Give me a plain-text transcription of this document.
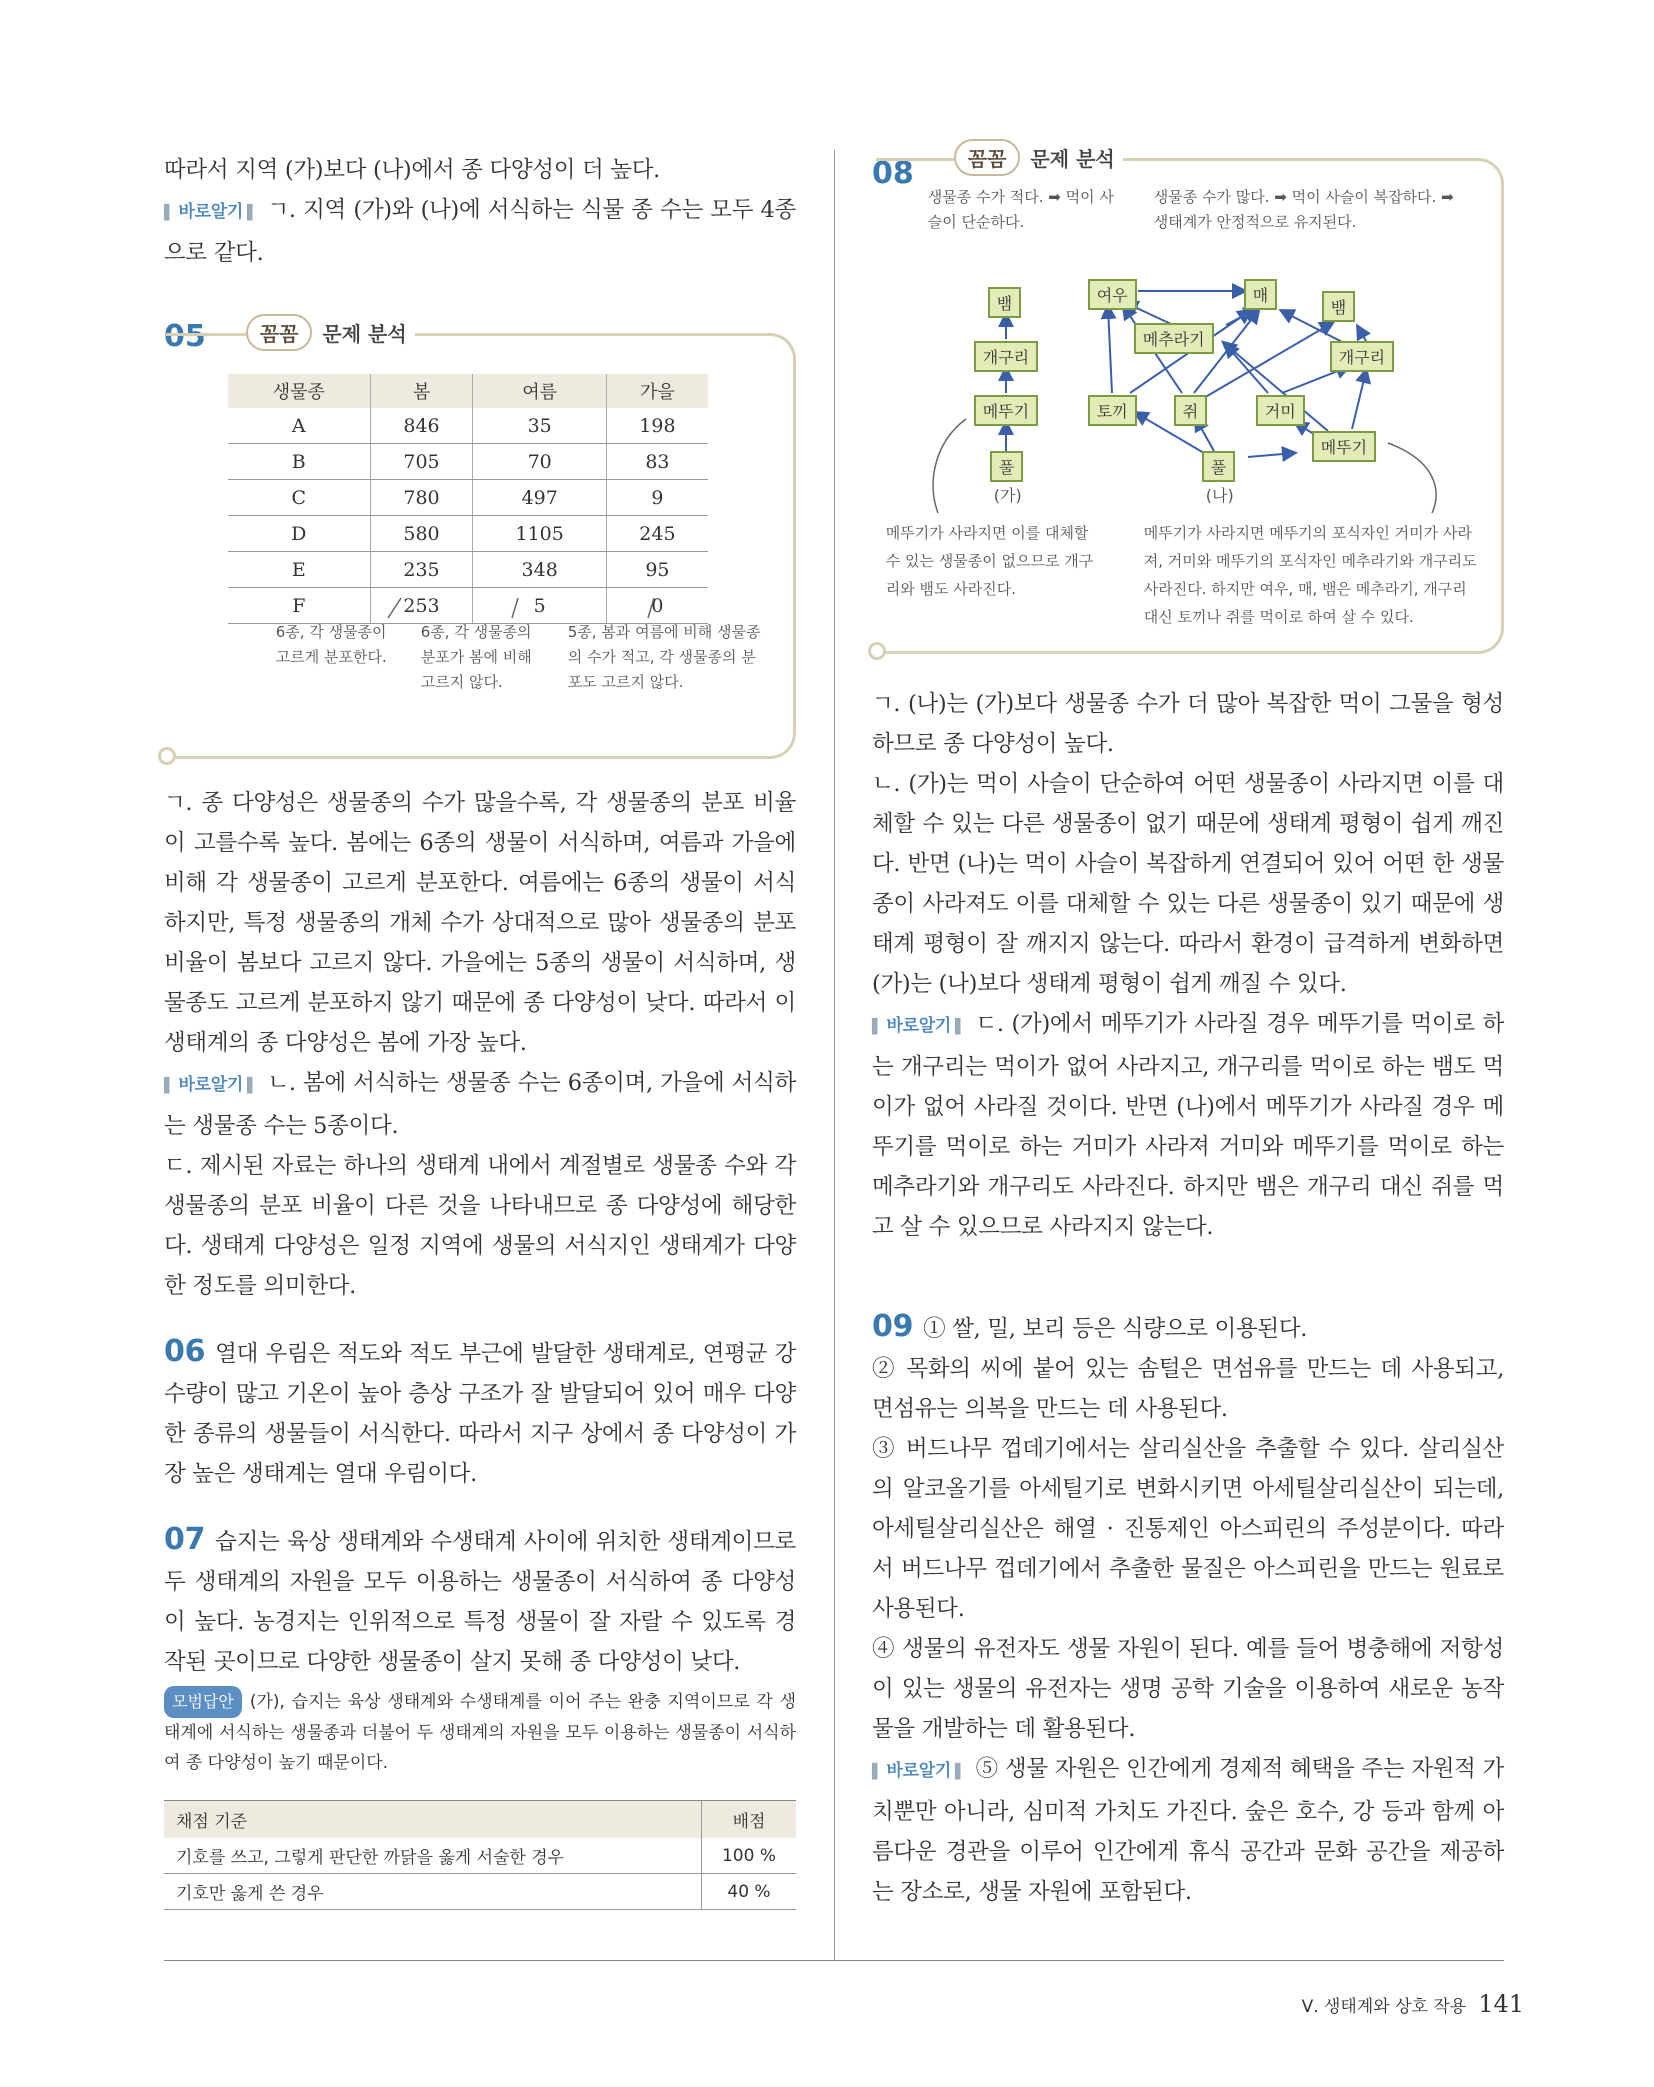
따라서 지역 (가)보다 (나)에서 종 다양성이 더 높다.

▌ 바로알기 ▌ ㄱ. 지역 (가)와 (나)에 서식하는 식물 종 수는 모두 4종으로 같다.

05	꼼꼼	문제 분석
생물종	봄	여름	가을
A	846	35	198
B	705	70	83
C	780	497	9
D	580	1105	245
E	235	348	95
F	253	5	0
6종, 각 생물종이 고르게 분포한다.
6종, 각 생물종의 분포가 봄에 비해 고르지 않다.
5종, 봄과 여름에 비해 생물종의 수가 적고, 각 생물종의 분포도 고르지 않다.

ㄱ. 종 다양성은 생물종의 수가 많을수록, 각 생물종의 분포 비율이 고를수록 높다. 봄에는 6종의 생물이 서식하며, 여름과 가을에 비해 각 생물종이 고르게 분포한다. 여름에는 6종의 생물이 서식하지만, 특정 생물종의 개체 수가 상대적으로 많아 생물종의 분포 비율이 봄보다 고르지 않다. 가을에는 5종의 생물이 서식하며, 생물종도 고르게 분포하지 않기 때문에 종 다양성이 낮다. 따라서 이 생태계의 종 다양성은 봄에 가장 높다.

▌ 바로알기 ▌ ㄴ. 봄에 서식하는 생물종 수는 6종이며, 가을에 서식하는 생물종 수는 5종이다.

ㄷ. 제시된 자료는 하나의 생태계 내에서 계절별로 생물종 수와 각 생물종의 분포 비율이 다른 것을 나타내므로 종 다양성에 해당한다. 생태계 다양성은 일정 지역에 생물의 서식지인 생태계가 다양한 정도를 의미한다.

06 열대 우림은 적도와 적도 부근에 발달한 생태계로, 연평균 강수량이 많고 기온이 높아 층상 구조가 잘 발달되어 있어 매우 다양한 종류의 생물들이 서식한다. 따라서 지구 상에서 종 다양성이 가장 높은 생태계는 열대 우림이다.

07 습지는 육상 생태계와 수생태계 사이에 위치한 생태계이므로 두 생태계의 자원을 모두 이용하는 생물종이 서식하여 종 다양성이 높다. 농경지는 인위적으로 특정 생물이 잘 자랄 수 있도록 경작된 곳이므로 다양한 생물종이 살지 못해 종 다양성이 낮다.

모범답안 (가), 습지는 육상 생태계와 수생태계를 이어 주는 완충 지역이므로 각 생태계에 서식하는 생물종과 더불어 두 생태계의 자원을 모두 이용하는 생물종이 서식하여 종 다양성이 높기 때문이다.

채점 기준	배점
기호를 쓰고, 그렇게 판단한 까닭을 옳게 서술한 경우	100 %
기호만 옳게 쓴 경우	40 %
08	꼼꼼	문제 분석
생물종 수가 적다. ➡ 먹이 사슬이 단순하다.
생물종 수가 많다. ➡ 먹이 사슬이 복잡하다. ➡ 생태계가 안정적으로 유지된다.
뱀
개구리
메뚜기
풀
여우	매
뱀
메추라기
개구리
토끼	쥐	거미
메뚜기
풀
(가)	(나)
메뚜기가 사라지면 이를 대체할 수 있는 생물종이 없으므로 개구리와 뱀도 사라진다.
메뚜기가 사라지면 메뚜기의 포식자인 거미가 사라져, 거미와 메뚜기의 포식자인 메추라기와 개구리도 사라진다. 하지만 여우, 매, 뱀은 메추라기, 개구리 대신 토끼나 쥐를 먹이로 하여 살 수 있다.

ㄱ. (나)는 (가)보다 생물종 수가 더 많아 복잡한 먹이 그물을 형성하므로 종 다양성이 높다.

ㄴ. (가)는 먹이 사슬이 단순하여 어떤 생물종이 사라지면 이를 대체할 수 있는 다른 생물종이 없기 때문에 생태계 평형이 쉽게 깨진다. 반면 (나)는 먹이 사슬이 복잡하게 연결되어 있어 어떤 한 생물종이 사라져도 이를 대체할 수 있는 다른 생물종이 있기 때문에 생태계 평형이 잘 깨지지 않는다. 따라서 환경이 급격하게 변화하면 (가)는 (나)보다 생태계 평형이 쉽게 깨질 수 있다.

▌ 바로알기 ▌ ㄷ. (가)에서 메뚜기가 사라질 경우 메뚜기를 먹이로 하는 개구리는 먹이가 없어 사라지고, 개구리를 먹이로 하는 뱀도 먹이가 없어 사라질 것이다. 반면 (나)에서 메뚜기가 사라질 경우 메뚜기를 먹이로 하는 거미가 사라져 거미와 메뚜기를 먹이로 하는 메추라기와 개구리도 사라진다. 하지만 뱀은 개구리 대신 쥐를 먹고 살 수 있으므로 사라지지 않는다.

09 ① 쌀, 밀, 보리 등은 식량으로 이용된다.

② 목화의 씨에 붙어 있는 솜털은 면섬유를 만드는 데 사용되고, 면섬유는 의복을 만드는 데 사용된다.

③ 버드나무 껍데기에서는 살리실산을 추출할 수 있다. 살리실산의 알코올기를 아세틸기로 변화시키면 아세틸살리실산이 되는데, 아세틸살리실산은 해열 · 진통제인 아스피린의 주성분이다. 따라서 버드나무 껍데기에서 추출한 물질은 아스피린을 만드는 원료로 사용된다.

④ 생물의 유전자도 생물 자원이 된다. 예를 들어 병충해에 저항성이 있는 생물의 유전자는 생명 공학 기술을 이용하여 새로운 농작물을 개발하는 데 활용된다.

▌ 바로알기 ▌ ⑤ 생물 자원은 인간에게 경제적 혜택을 주는 자원적 가치뿐만 아니라, 심미적 가치도 가진다. 숲은 호수, 강 등과 함께 아름다운 경관을 이루어 인간에게 휴식 공간과 문화 공간을 제공하는 장소로, 생물 자원에 포함된다.

Ⅴ. 생태계와 상호 작용 141
